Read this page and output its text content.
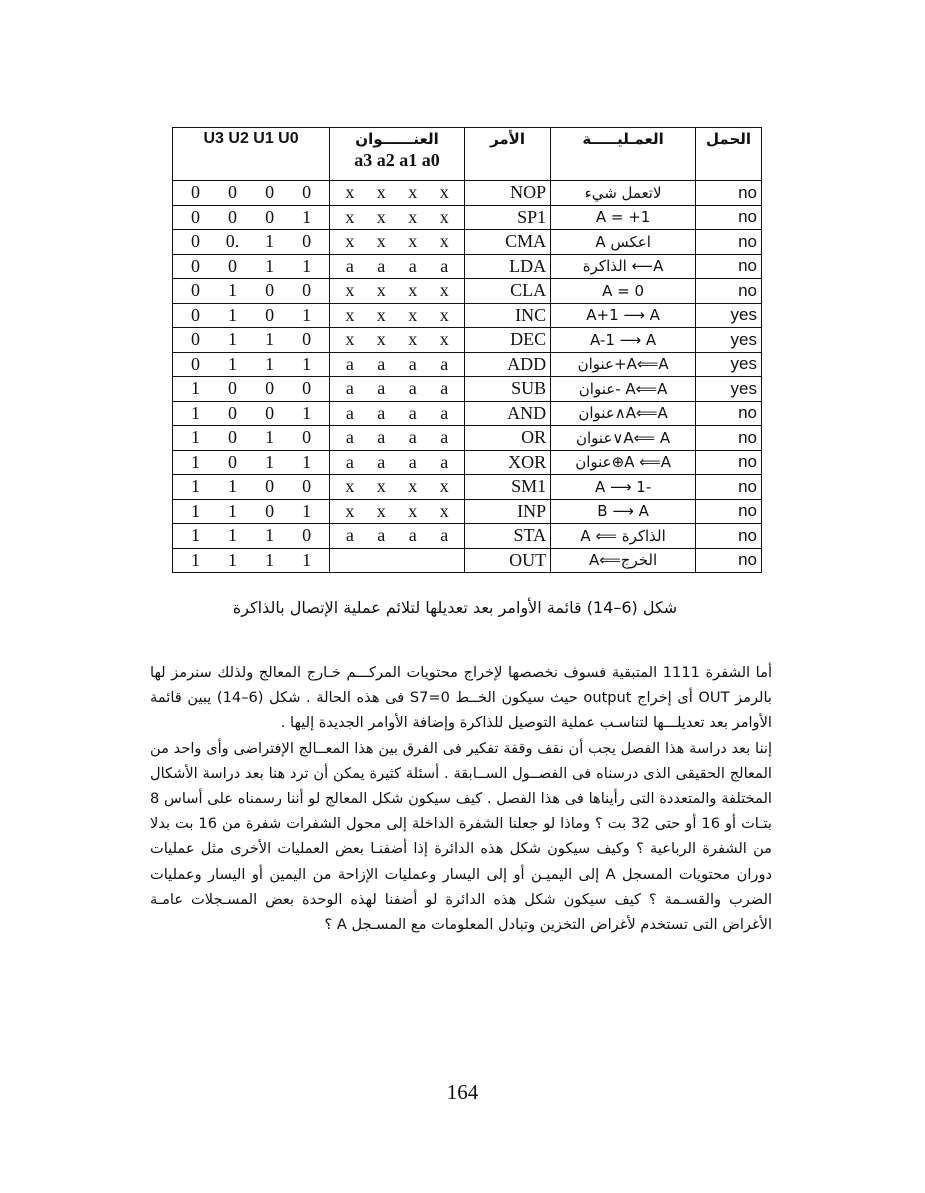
U3 U2 U1 U0	العنــــــوان
a3 a2 a1 a0	الأمر	العمـليـــــة	الحمل

0 0 0 0	x x x x	NOP	لاتعمل شيء	no

0 0 0 1	x x x x	SP1	A = +1	no

0 0. 1 0	x x x x	CMA	اعكس A	no

0 0 1 1	a a a a	LDA	A⟵ الذاكرة	no

0 1 0 0	x x x x	CLA	A = 0	no

0 1 0 1	x x x x	INC	A+1 ⟶ A	yes

0 1 1 0	x x x x	DEC	A-1 ⟶ A	yes

0 1 1 1	a a a a	ADD	A⟸A+عنوان	yes

1 0 0 0	a a a a	SUB	A⟸A -عنوان	yes

1 0 0 1	a a a a	AND	A⟸A∧عنوان	no

1 0 1 0	a a a a	OR	A⟸ A∨عنوان	no

1 0 1 1	a a a a	XOR	A ⟸A⊕عنوان	no

1 1 0 0	x x x x	SM1	-1 ⟶ A	no

1 1 0 1	x x x x	INP	B ⟶ A	no

1 1 1 0	a a a a	STA	الذاكرة ⟸ A	no

1 1 1 1		OUT	الخرج⟸A	no
شكل (6–14) قائمة الأوامر بعد تعديلها لتلائم عملية الإتصال بالذاكرة

أما الشفرة 1111 المتبقية فسوف نخصصها لإخراج محتويات المركـــم خـارج المعالج ولذلك سنرمز لها بالرمز OUT أى إخراج output حيث سيكون الخــط S7=0 فى هذه الحالة . شكل (6–14) يبين قائمة الأوامر بعد تعديلـــها لتناسـب عملية التوصيل للذاكرة وإضافة الأوامر الجديدة إليها .

إننا بعد دراسة هذا الفصل يجب أن نقف وقفة تفكير فى الفرق بين هذا المعــالج الإفتراضى وأى واحد من المعالج الحقيقى الذى درسناه فى الفصــول الســابقة . أسئلة كثيرة يمكن أن ترد هنا بعد دراسة الأشكال المختلفة والمتعددة التى رأيناها فى هذا الفصل . كيف سيكون شكل المعالج لو أننا رسمناه على أساس 8 بتـات أو 16 أو حتى 32 بت ؟ وماذا لو جعلنا الشفرة الداخلة إلى محول الشفرات شفرة من 16 بت بدلا من الشفرة الرباعية ؟ وكيف سيكون شكل هذه الدائرة إذا أضفنـا بعض العمليات الأخرى مثل عمليات دوران محتويات المسجل A إلى اليميـن أو إلى اليسار وعمليات الإزاحة من اليمين أو اليسار وعمليات الضرب والقسـمة ؟ كيف سيكون شكل هذه الدائرة لو أضفنا لهذه الوحدة بعض المسـجلات عامـة الأغراض التى تستخدم لأغراض التخزين وتبادل المعلومات مع المسـجل A ؟

164
